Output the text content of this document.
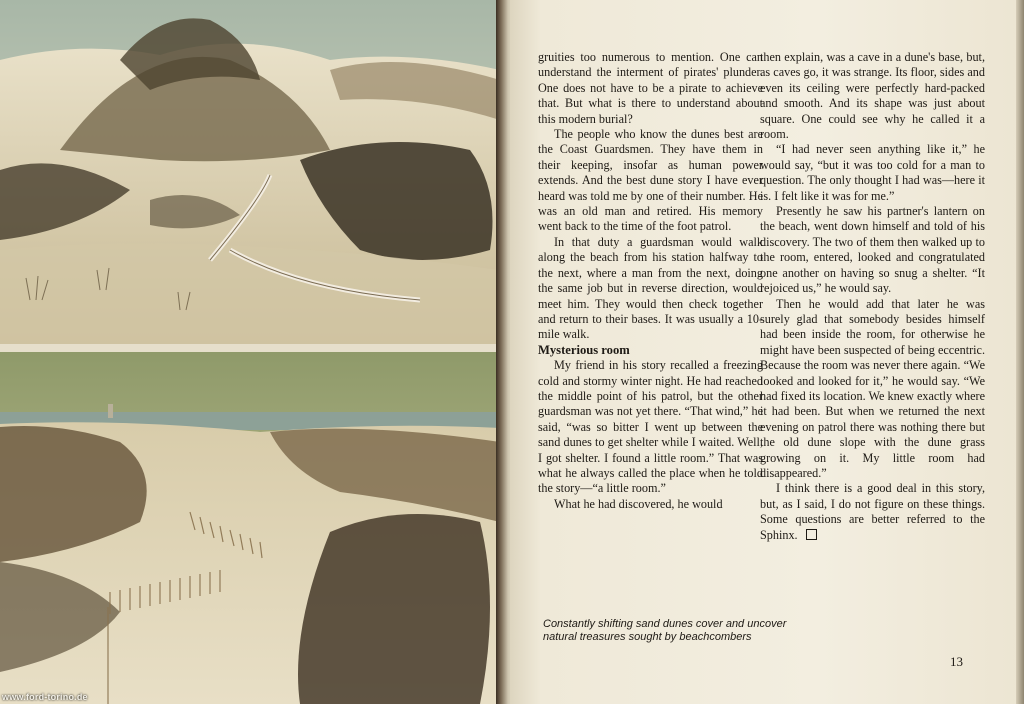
www.ford-torino.de

gruities too numerous to mention. One can understand the interment of pirates' plunder. One does not have to be a pirate to achieve that. But what is there to understand about this modern burial?

The people who know the dunes best are the Coast Guardsmen. They have them in their keeping, insofar as human power extends. And the best dune story I have ever heard was told me by one of their number. He was an old man and retired. His memory went back to the time of the foot patrol.

In that duty a guardsman would walk along the beach from his station halfway to the next, where a man from the next, doing the same job but in reverse direction, would meet him. They would then check together and return to their bases. It was usually a 10-mile walk.

Mysterious room

My friend in his story recalled a freezing cold and stormy winter night. He had reached the middle point of his patrol, but the other guardsman was not yet there. “That wind,” he said, “was so bitter I went up between the sand dunes to get shelter while I waited. Well, I got shelter. I found a little room.” That was what he always called the place when he told the story—“a little room.”

What he had discovered, he would

then explain, was a cave in a dune's base, but, as caves go, it was strange. Its floor, sides and even its ceiling were perfectly hard-packed and smooth. And its shape was just about square. One could see why he called it a room.

“I had never seen anything like it,” he would say, “but it was too cold for a man to question. The only thought I had was—here it is. I felt like it was for me.”

Presently he saw his partner's lantern on the beach, went down himself and told of his discovery. The two of them then walked up to the room, entered, looked and congratulated one another on having so snug a shelter. “It rejoiced us,” he would say.

Then he would add that later he was surely glad that somebody besides himself had been inside the room, for otherwise he might have been suspected of being eccentric. Because the room was never there again. “We looked and looked for it,” he would say. “We had fixed its location. We knew exactly where it had been. But when we returned the next evening on patrol there was nothing there but the old dune slope with the dune grass growing on it. My little room had disappeared.”

I think there is a good deal in this story, but, as I said, I do not figure on these things. Some questions are better referred to the Sphinx.

Constantly shifting sand dunes cover and uncover
natural treasures sought by beachcombers
13
